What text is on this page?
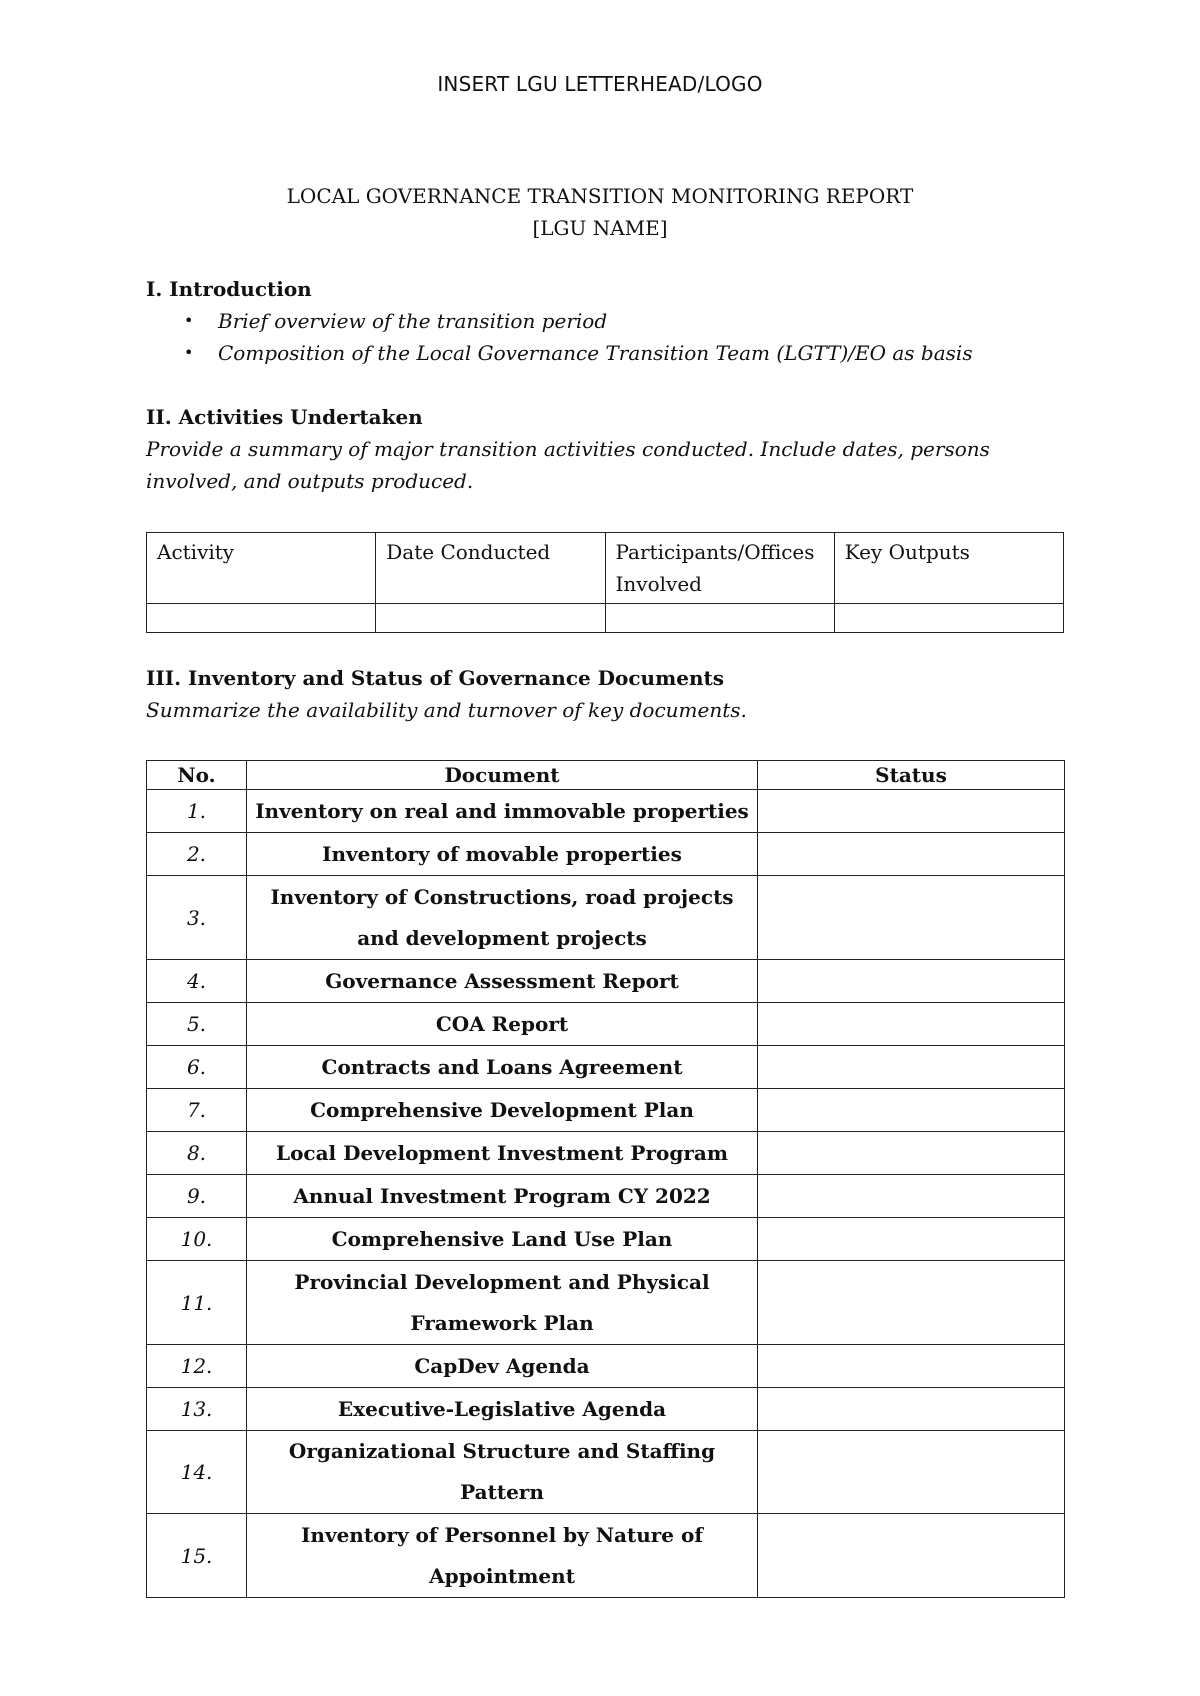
INSERT LGU LETTERHEAD/LOGO
LOCAL GOVERNANCE TRANSITION MONITORING REPORT
[LGU NAME]
I. Introduction
• Brief overview of the transition period
• Composition of the Local Governance Transition Team (LGTT)/EO as basis
II. Activities Undertaken
Provide a summary of major transition activities conducted. Include dates, persons involved, and outputs produced.
Activity	Date Conducted	Participants/Offices Involved	Key Outputs

III. Inventory and Status of Governance Documents
Summarize the availability and turnover of key documents.
No.	Document	Status
1.	Inventory on real and immovable properties	
2.	Inventory of movable properties	
3.	Inventory of Constructions, road projects and development projects	
4.	Governance Assessment Report	
5.	COA Report	
6.	Contracts and Loans Agreement	
7.	Comprehensive Development Plan	
8.	Local Development Investment Program	
9.	Annual Investment Program CY 2022	
10.	Comprehensive Land Use Plan	
11.	Provincial Development and Physical Framework Plan	
12.	CapDev Agenda	
13.	Executive-Legislative Agenda	
14.	Organizational Structure and Staffing Pattern	
15.	Inventory of Personnel by Nature of Appointment	
